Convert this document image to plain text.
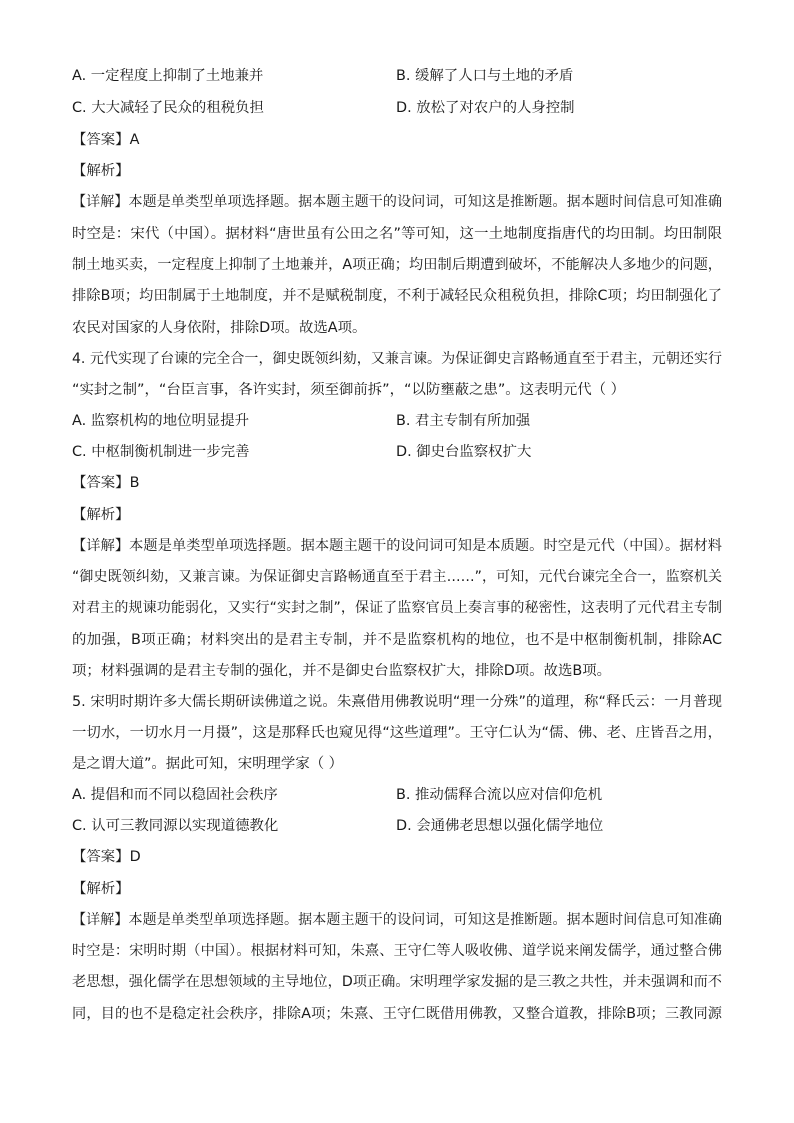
A. 一定程度上抑制了土地兼并	B. 缓解了人口与土地的矛盾
C. 大大减轻了民众的租税负担	D. 放松了对农户的人身控制
【答案】A
【解析】
【详解】本题是单类型单项选择题。据本题主题干的设问词，可知这是推断题。据本题时间信息可知准确
时空是：宋代（中国）。据材料“唐世虽有公田之名”等可知，这一土地制度指唐代的均田制。均田制限
制土地买卖，一定程度上抑制了土地兼并，A项正确；均田制后期遭到破坏，不能解决人多地少的问题，
排除B项；均田制属于土地制度，并不是赋税制度，不利于减轻民众租税负担，排除C项；均田制强化了
农民对国家的人身依附，排除D项。故选A项。
4. 元代实现了台谏的完全合一，御史既领纠劾，又兼言谏。为保证御史言路畅通直至于君主，元朝还实行
“实封之制”，“台臣言事，各许实封，须至御前拆”，“以防壅蔽之患”。这表明元代（ ）
A. 监察机构的地位明显提升	B. 君主专制有所加强
C. 中枢制衡机制进一步完善	D. 御史台监察权扩大
【答案】B
【解析】
【详解】本题是单类型单项选择题。据本题主题干的设问词可知是本质题。时空是元代（中国）。据材料
“御史既领纠劾，又兼言谏。为保证御史言路畅通直至于君主……”，可知，元代台谏完全合一，监察机关
对君主的规谏功能弱化，又实行“实封之制”，保证了监察官员上奏言事的秘密性，这表明了元代君主专制
的加强，B项正确；材料突出的是君主专制，并不是监察机构的地位，也不是中枢制衡机制，排除AC
项；材料强调的是君主专制的强化，并不是御史台监察权扩大，排除D项。故选B项。
5. 宋明时期许多大儒长期研读佛道之说。朱熹借用佛教说明“理一分殊”的道理，称“释氏云：一月普现
一切水，一切水月一月摄”，这是那释氏也窥见得“这些道理”。王守仁认为“儒、佛、老、庄皆吾之用，
是之谓大道”。据此可知，宋明理学家（ ）
A. 提倡和而不同以稳固社会秩序	B. 推动儒释合流以应对信仰危机
C. 认可三教同源以实现道德教化	D. 会通佛老思想以强化儒学地位
【答案】D
【解析】
【详解】本题是单类型单项选择题。据本题主题干的设问词，可知这是推断题。据本题时间信息可知准确
时空是：宋明时期（中国）。根据材料可知，朱熹、王守仁等人吸收佛、道学说来阐发儒学，通过整合佛
老思想，强化儒学在思想领域的主导地位，D项正确。宋明理学家发掘的是三教之共性，并未强调和而不
同，目的也不是稳定社会秩序，排除A项；朱熹、王守仁既借用佛教，又整合道教，排除B项；三教同源
